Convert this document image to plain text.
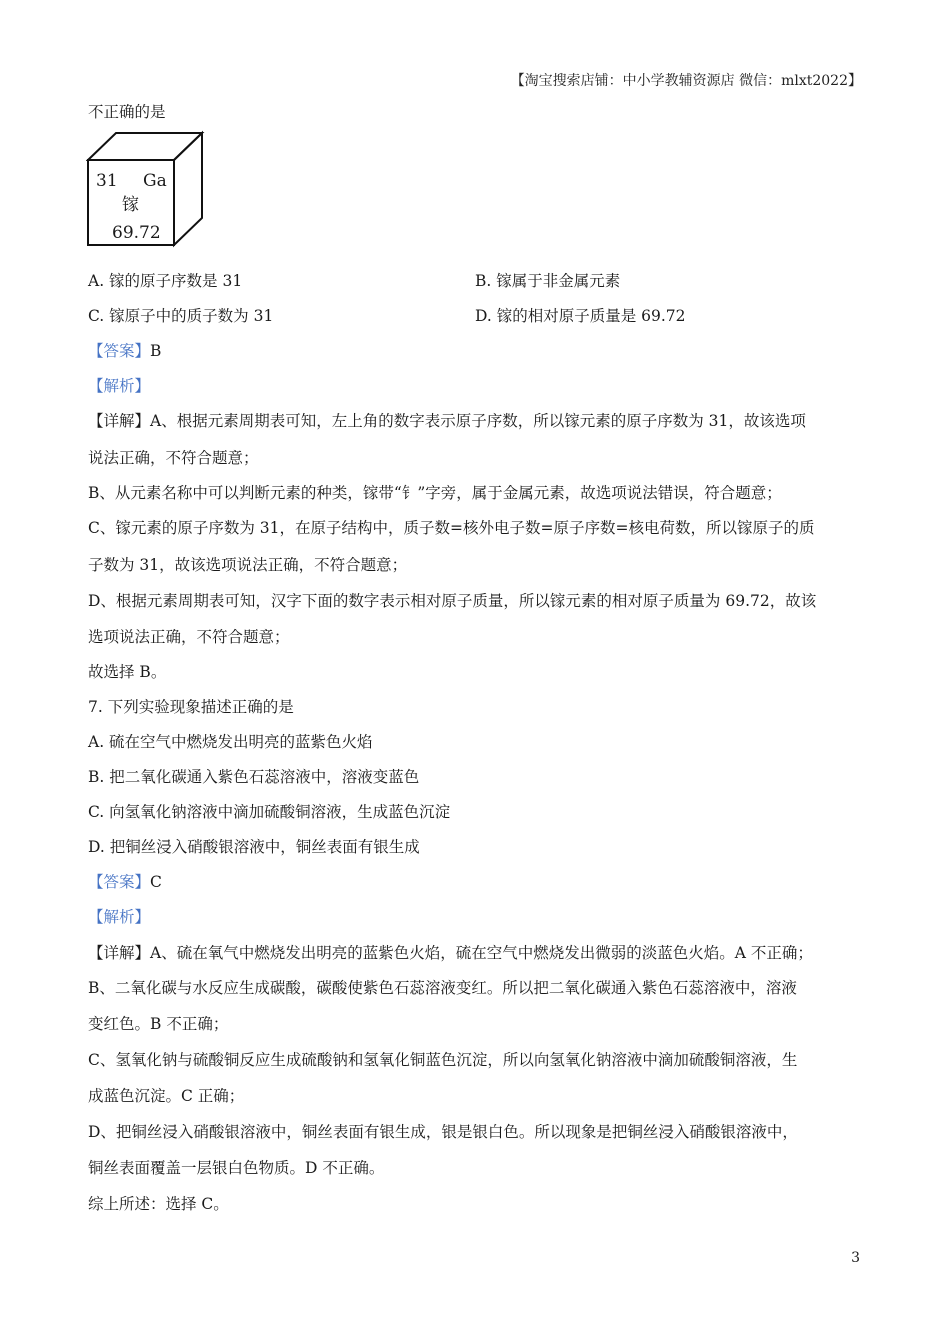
【淘宝搜索店铺：中小学教辅资源店 微信：mlxt2022】
不正确的是
31 Ga
镓
69.72
A. 镓的原子序数是 31	B. 镓属于非金属元素
C. 镓原子中的质子数为 31	D. 镓的相对原子质量是 69.72
【答案】B
【解析】
【详解】A、根据元素周期表可知，左上角的数字表示原子序数，所以镓元素的原子序数为 31，故该选项
说法正确，不符合题意；
B、从元素名称中可以判断元素的种类，镓带“钅”字旁，属于金属元素，故选项说法错误，符合题意；
C、镓元素的原子序数为 31，在原子结构中，质子数=核外电子数=原子序数=核电荷数，所以镓原子的质
子数为 31，故该选项说法正确，不符合题意；
D、根据元素周期表可知，汉字下面的数字表示相对原子质量，所以镓元素的相对原子质量为 69.72，故该
选项说法正确，不符合题意；
故选择 B。
7. 下列实验现象描述正确的是
A. 硫在空气中燃烧发出明亮的蓝紫色火焰
B. 把二氧化碳通入紫色石蕊溶液中，溶液变蓝色
C. 向氢氧化钠溶液中滴加硫酸铜溶液，生成蓝色沉淀
D. 把铜丝浸入硝酸银溶液中，铜丝表面有银生成
【答案】C
【解析】
【详解】A、硫在氧气中燃烧发出明亮的蓝紫色火焰，硫在空气中燃烧发出微弱的淡蓝色火焰。A 不正确；
B、二氧化碳与水反应生成碳酸，碳酸使紫色石蕊溶液变红。所以把二氧化碳通入紫色石蕊溶液中，溶液
变红色。B 不正确；
C、氢氧化钠与硫酸铜反应生成硫酸钠和氢氧化铜蓝色沉淀，所以向氢氧化钠溶液中滴加硫酸铜溶液，生
成蓝色沉淀。C 正确；
D、把铜丝浸入硝酸银溶液中，铜丝表面有银生成，银是银白色。所以现象是把铜丝浸入硝酸银溶液中，
铜丝表面覆盖一层银白色物质。D 不正确。
综上所述：选择 C。
3
